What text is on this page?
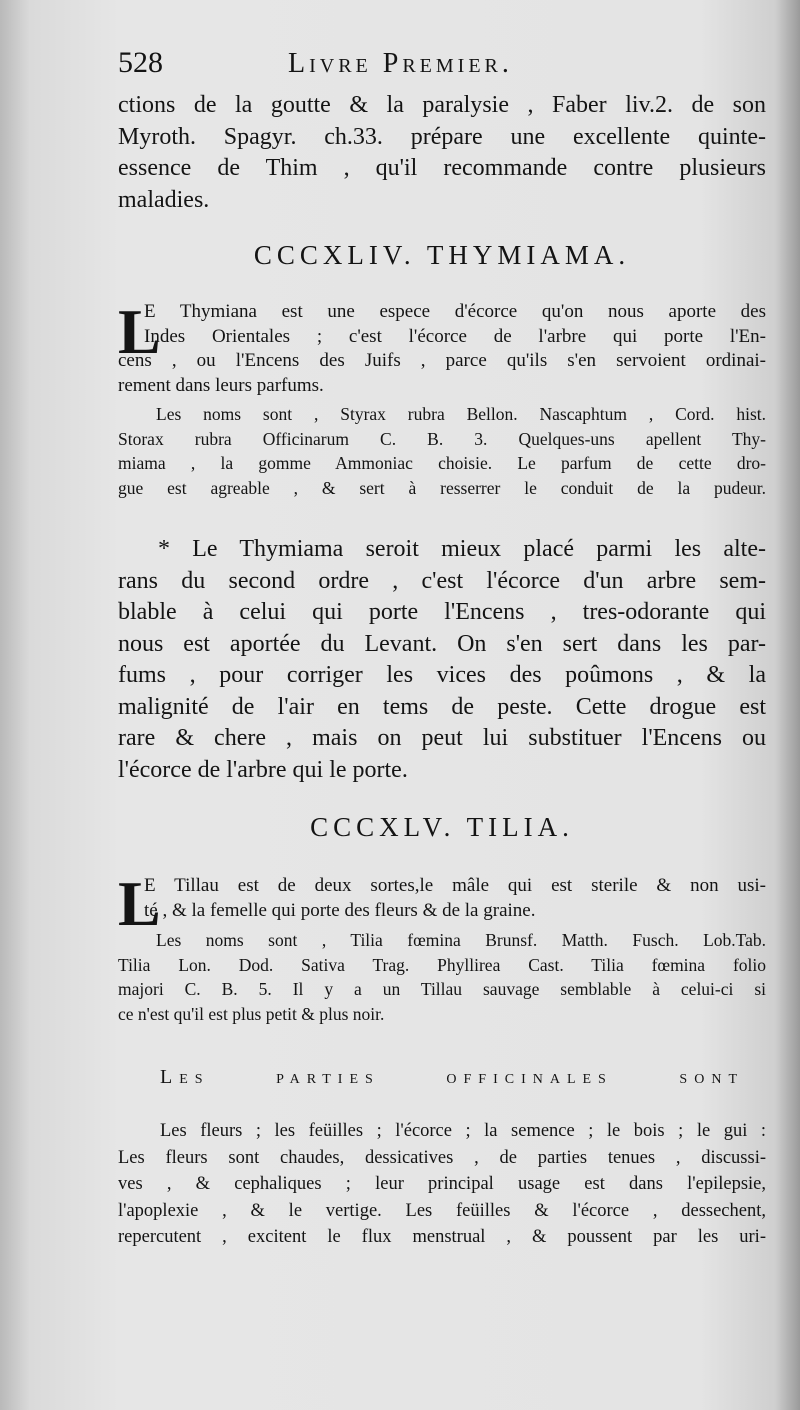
528	Livre Premier.
ctions de la goutte & la paralysie , Faber liv.2. de son
Myroth. Spagyr. ch.33. prépare une excellente quinte-
essence de Thim , qu'il recommande contre plusieurs
maladies.
CCCXLIV. THYMIAMA.
L
E Thymiana est une espece d'écorce qu'on nous aporte des
Indes Orientales ; c'est l'écorce de l'arbre qui porte l'En-
cens , ou l'Encens des Juifs , parce qu'ils s'en servoient ordinai-
rement dans leurs parfums.
Les noms sont , Styrax rubra Bellon. Nascaphtum , Cord. hist.
Storax rubra Officinarum C. B. 3. Quelques-uns apellent Thy-
miama , la gomme Ammoniac choisie. Le parfum de cette dro-
gue est agreable , & sert à resserrer le conduit de la pudeur.
* Le Thymiama seroit mieux placé parmi les alte-
rans du second ordre , c'est l'écorce d'un arbre sem-
blable à celui qui porte l'Encens , tres-odorante qui
nous est aportée du Levant. On s'en sert dans les par-
fums , pour corriger les vices des poûmons , & la
malignité de l'air en tems de peste. Cette drogue est
rare & chere , mais on peut lui substituer l'Encens ou
l'écorce de l'arbre qui le porte.
CCCXLV. TILIA.
L
E Tillau est de deux sortes,le mâle qui est sterile & non usi-
té , & la femelle qui porte des fleurs & de la graine.
Les noms sont , Tilia fœmina Brunsf. Matth. Fusch. Lob.Tab.
Tilia Lon. Dod. Sativa Trag. Phyllirea Cast. Tilia fœmina folio
majori C. B. 5. Il y a un Tillau sauvage semblable à celui-ci si
ce n'est qu'il est plus petit & plus noir.
Les parties officinales sont
Les fleurs ; les feüilles ; l'écorce ; la semence ; le bois ; le gui :
Les fleurs sont chaudes, dessicatives , de parties tenues , discussi-
ves , & cephaliques ; leur principal usage est dans l'epilepsie,
l'apoplexie , & le vertige. Les feüilles & l'écorce , dessechent,
repercutent , excitent le flux menstrual , & poussent par les uri-
